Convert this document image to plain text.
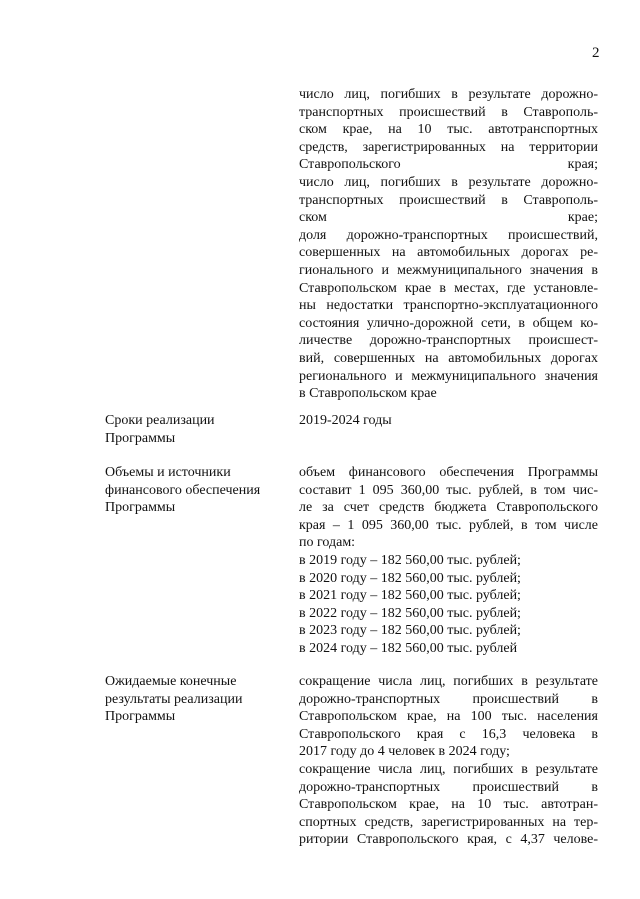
2
число лиц, погибших в результате дорожно-
транспортных происшествий в Ставрополь-
ском крае, на 10 тыс. автотранспортных
средств, зарегистрированных на территории
Ставропольского края;
число лиц, погибших в результате дорожно-
транспортных происшествий в Ставрополь-
ском крае;
доля дорожно-транспортных происшествий,
совершенных на автомобильных дорогах ре-
гионального и межмуниципального значения в
Ставропольском крае в местах, где установле-
ны недостатки транспортно-эксплуатационного
состояния улично-дорожной сети, в общем ко-
личестве дорожно-транспортных происшест-
вий, совершенных на автомобильных дорогах
регионального и межмуниципального значения
в Ставропольском крае
Сроки реализации
Программы
2019-2024 годы
Объемы и источники
финансового обеспечения
Программы
объем финансового обеспечения Программы
составит 1 095 360,00 тыс. рублей, в том чис-
ле за счет средств бюджета Ставропольского
края – 1 095 360,00 тыс. рублей, в том числе
по годам:
в 2019 году – 182 560,00 тыс. рублей;
в 2020 году – 182 560,00 тыс. рублей;
в 2021 году – 182 560,00 тыс. рублей;
в 2022 году – 182 560,00 тыс. рублей;
в 2023 году – 182 560,00 тыс. рублей;
в 2024 году – 182 560,00 тыс. рублей
Ожидаемые конечные
результаты реализации
Программы
сокращение числа лиц, погибших в результате
дорожно-транспортных происшествий в
Ставропольском крае, на 100 тыс. населения
Ставропольского края с 16,3 человека в
2017 году до 4 человек в 2024 году;
сокращение числа лиц, погибших в результате
дорожно-транспортных происшествий в
Ставропольском крае, на 10 тыс. автотран-
спортных средств, зарегистрированных на тер-
ритории Ставропольского края, с 4,37 челове-
